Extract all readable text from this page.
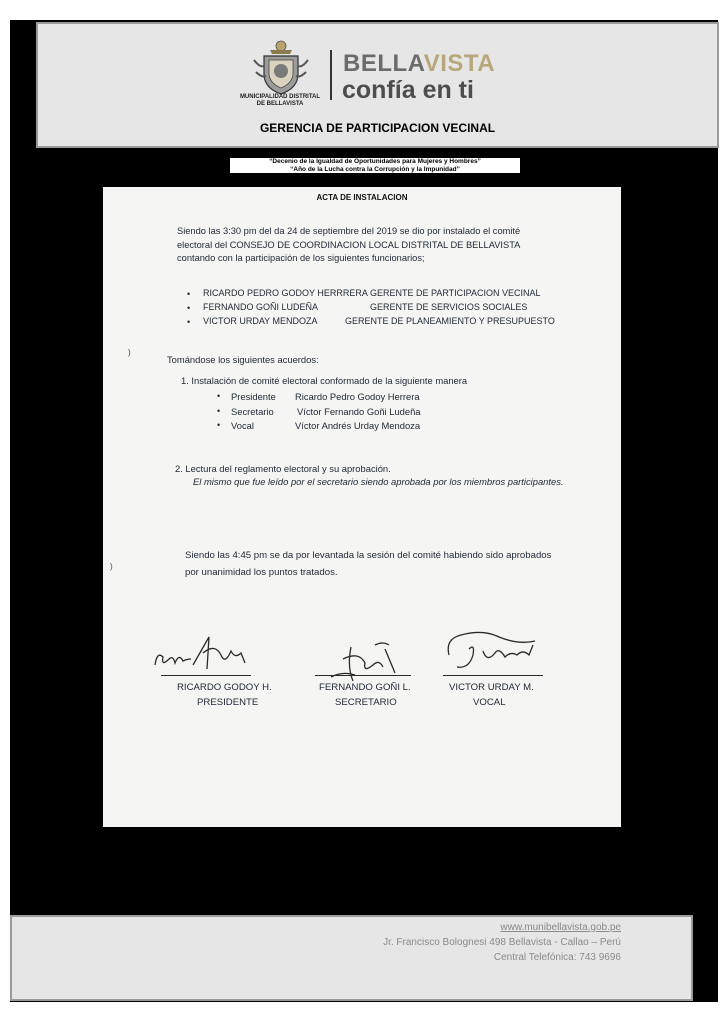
MUNICIPALIDAD DISTRITAL
DE BELLAVISTA
BELLAVISTA
confía en ti
GERENCIA DE PARTICIPACION VECINAL
“Decenio de la Igualdad de Oportunidades para Mujeres y Hombres”
“Año de la Lucha contra la Corrupción y la Impunidad”
ACTA DE INSTALACION
Siendo las 3:30 pm del da 24 de septiembre del 2019 se dio por instalado el comité electoral del CONSEJO DE COORDINACION LOCAL DISTRITAL DE BELLAVISTA contando con la participación de los siguientes funcionarios;
• RICARDO PEDRO GODOY HERRRERA GERENTE DE PARTICIPACION VECINAL
• FERNANDO GOÑI LUDEÑA	GERENTE DE SERVICIOS SOCIALES
• VICTOR URDAY MENDOZA	GERENTE DE PLANEAMIENTO Y PRESUPUESTO
Tomándose los siguientes acuerdos:
1. Instalación de comité electoral conformado de la siguiente manera
• Presidente Ricardo Pedro Godoy Herrera
• Secretario Víctor Fernando Goñi Ludeña
• Vocal	Víctor Andrés Urday Mendoza
2. Lectura del reglamento electoral y su aprobación.
El mismo que fue leído por el secretario siendo aprobada por los miembros participantes.
Siendo las 4:45 pm se da por levantada la sesión del comité habiendo sido aprobados por unanimidad los puntos tratados.
RICARDO GODOY H.
PRESIDENTE
FERNANDO GOÑI L.
SECRETARIO
VICTOR URDAY M.
VOCAL
)
)
www.munibellavista.gob.pe
Jr. Francisco Bolognesi 498 Bellavista - Callao – Perú
Central Telefónica: 743 9696
